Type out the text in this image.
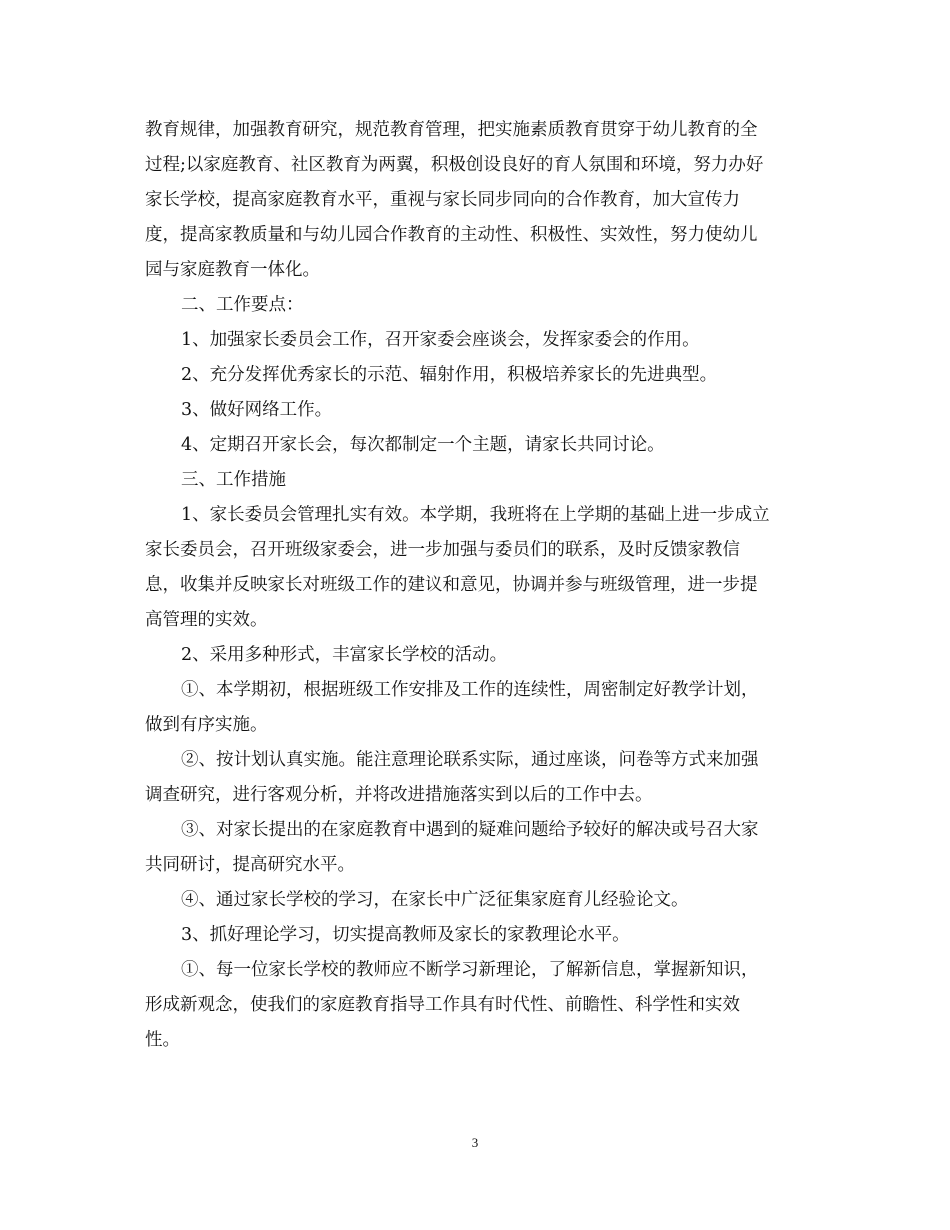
教育规律，加强教育研究，规范教育管理，把实施素质教育贯穿于幼儿教育的全
过程;以家庭教育、社区教育为两翼，积极创设良好的育人氛围和环境，努力办好
家长学校，提高家庭教育水平，重视与家长同步同向的合作教育，加大宣传力
度，提高家教质量和与幼儿园合作教育的主动性、积极性、实效性，努力使幼儿
园与家庭教育一体化。
二、工作要点：
1、加强家长委员会工作，召开家委会座谈会，发挥家委会的作用。
2、充分发挥优秀家长的示范、辐射作用，积极培养家长的先进典型。
3、做好网络工作。
4、定期召开家长会，每次都制定一个主题，请家长共同讨论。
三、工作措施
1、家长委员会管理扎实有效。本学期，我班将在上学期的基础上进一步成立
家长委员会，召开班级家委会，进一步加强与委员们的联系，及时反馈家教信
息，收集并反映家长对班级工作的建议和意见，协调并参与班级管理，进一步提
高管理的实效。
2、采用多种形式，丰富家长学校的活动。
①、本学期初，根据班级工作安排及工作的连续性，周密制定好教学计划，
做到有序实施。
②、按计划认真实施。能注意理论联系实际，通过座谈，问卷等方式来加强
调查研究，进行客观分析，并将改进措施落实到以后的工作中去。
③、对家长提出的在家庭教育中遇到的疑难问题给予较好的解决或号召大家
共同研讨，提高研究水平。
④、通过家长学校的学习，在家长中广泛征集家庭育儿经验论文。
3、抓好理论学习，切实提高教师及家长的家教理论水平。
①、每一位家长学校的教师应不断学习新理论，了解新信息，掌握新知识，
形成新观念，使我们的家庭教育指导工作具有时代性、前瞻性、科学性和实效
性。
3
